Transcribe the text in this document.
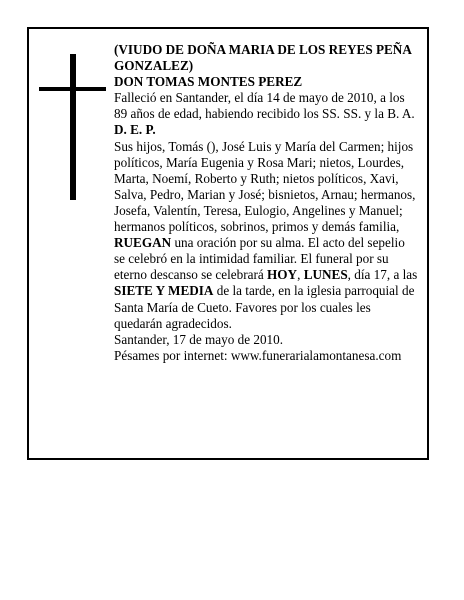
(VIUDO DE DOÑA MARIA DE LOS REYES PEÑA GONZALEZ)

DON TOMAS MONTES PEREZ

Falleció en Santander, el día 14 de mayo de 2010, a los 89 años de edad, habiendo recibido los SS. SS. y la B. A.

D. E. P.

Sus hijos, Tomás (), José Luis y María del Carmen; hijos políticos, María Eugenia y Rosa Mari; nietos, Lourdes, Marta, Noemí, Roberto y Ruth; nietos políticos, Xavi, Salva, Pedro, Marian y José; bisnietos, Arnau; hermanos, Josefa, Valentín, Teresa, Eulogio, Angelines y Manuel; hermanos políticos, sobrinos, primos y demás familia,

RUEGAN una oración por su alma. El acto del sepelio se celebró en la intimidad familiar. El funeral por su eterno descanso se celebrará HOY, LUNES, día 17, a las SIETE Y MEDIA de la tarde, en la iglesia parroquial de Santa María de Cueto. Favores por los cuales les quedarán agradecidos.

Santander, 17 de mayo de 2010.

Pésames por internet: www.funerarialamontanesa.com
